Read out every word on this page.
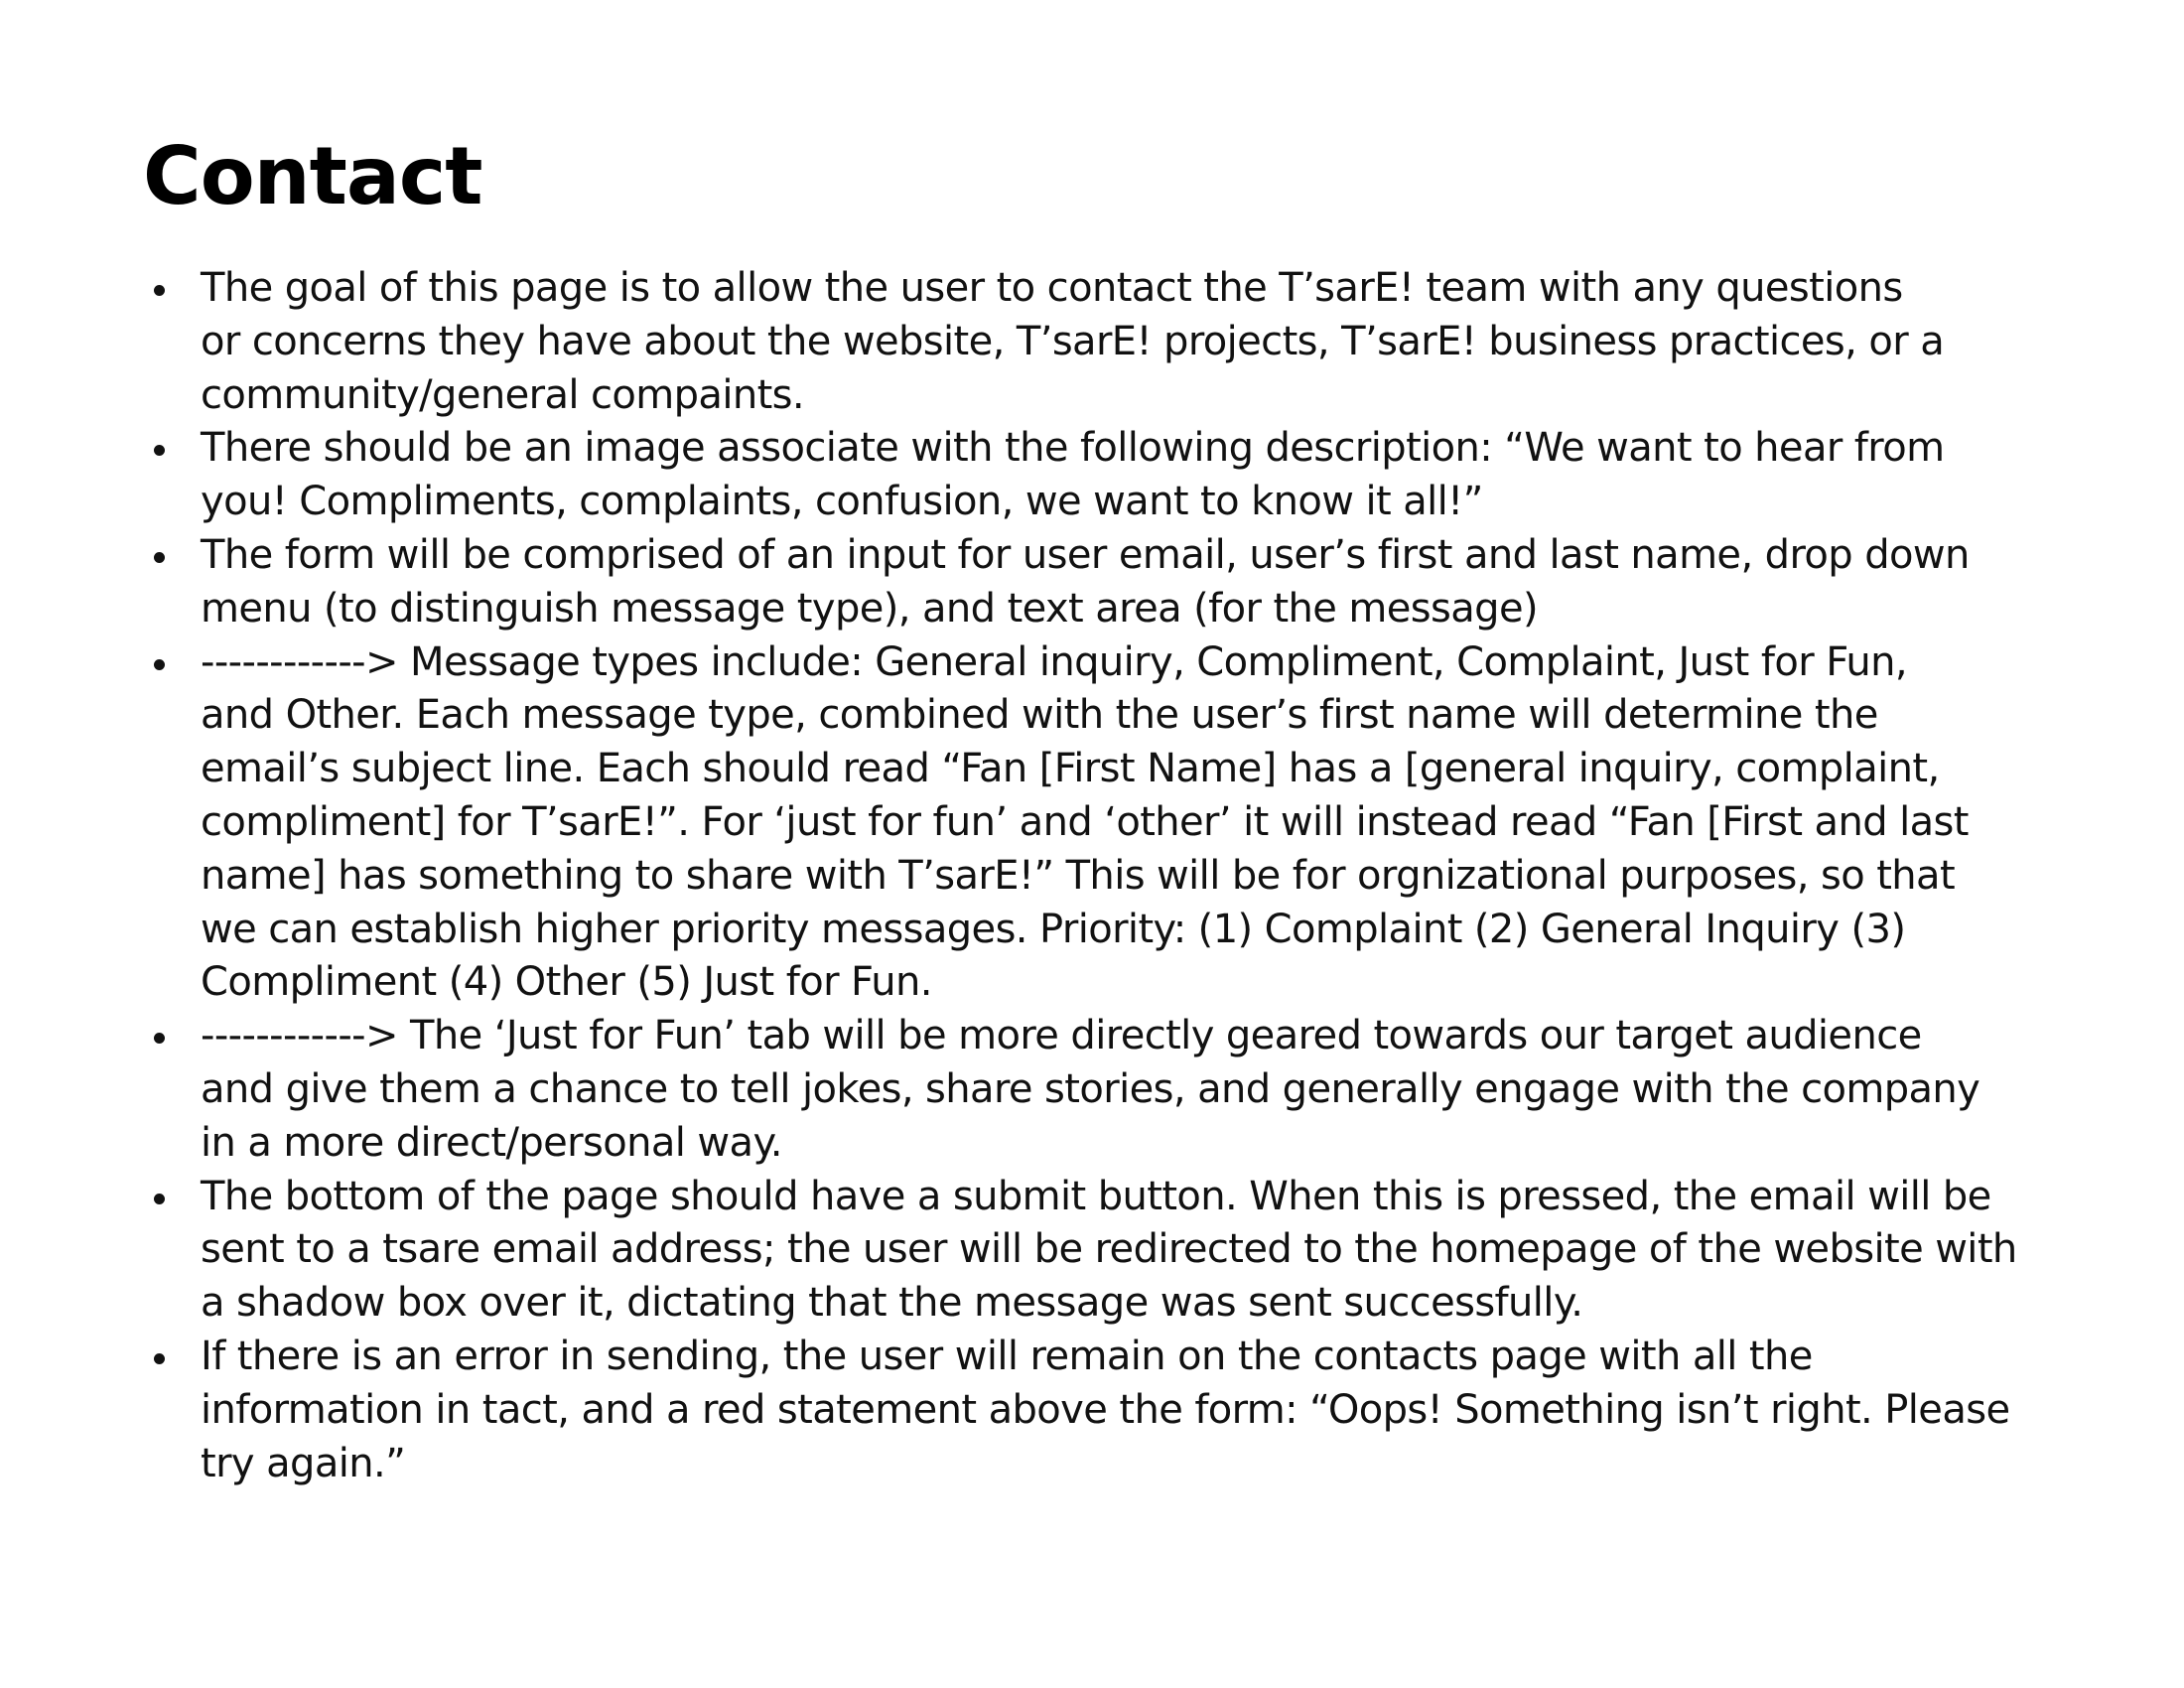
Contact
The goal of this page is to allow the user to contact the T’sarE! team with any questions
or concerns they have about the website, T’sarE! projects, T’sarE! business practices, or a
community/general compaints.
There should be an image associate with the following description: “We want to hear from
you! Compliments, complaints, confusion, we want to know it all!”
The form will be comprised of an input for user email, user’s first and last name, drop down
menu (to distinguish message type), and text area (for the message)
------------> Message types include: General inquiry, Compliment, Complaint, Just for Fun,
and Other. Each message type, combined with the user’s first name will determine the
email’s subject line. Each should read “Fan [First Name] has a [general inquiry, complaint,
compliment] for T’sarE!”. For ‘just for fun’ and ‘other’ it will instead read “Fan [First and last
name] has something to share with T’sarE!” This will be for orgnizational purposes, so that
we can establish higher priority messages. Priority: (1) Complaint (2) General Inquiry (3)
Compliment (4) Other (5) Just for Fun.
------------> The ‘Just for Fun’ tab will be more directly geared towards our target audience
and give them a chance to tell jokes, share stories, and generally engage with the company
in a more direct/personal way.
The bottom of the page should have a submit button. When this is pressed, the email will be
sent to a tsare email address; the user will be redirected to the homepage of the website with
a shadow box over it, dictating that the message was sent successfully.
If there is an error in sending, the user will remain on the contacts page with all the
information in tact, and a red statement above the form: “Oops! Something isn’t right. Please
try again.”
